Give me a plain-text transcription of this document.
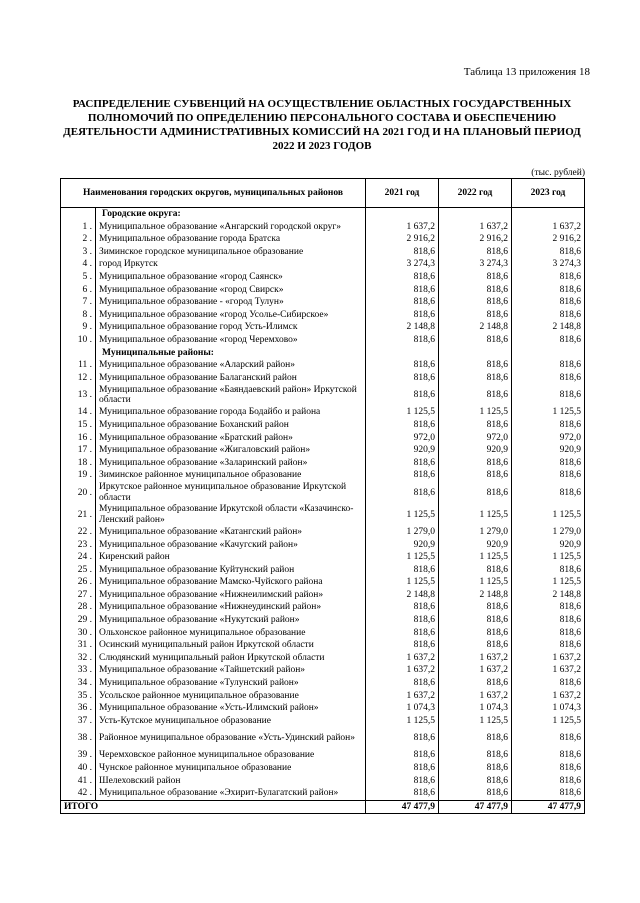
Таблица 13 приложения 18
РАСПРЕДЕЛЕНИЕ СУБВЕНЦИЙ НА ОСУЩЕСТВЛЕНИЕ ОБЛАСТНЫХ ГОСУДАРСТВЕННЫХ ПОЛНОМОЧИЙ ПО ОПРЕДЕЛЕНИЮ ПЕРСОНАЛЬНОГО СОСТАВА И ОБЕСПЕЧЕНИЮ ДЕЯТЕЛЬНОСТИ АДМИНИСТРАТИВНЫХ КОМИССИЙ НА 2021 ГОД И НА ПЛАНОВЫЙ ПЕРИОД 2022 И 2023 ГОДОВ
(тыс. рублей)
Наименования городских округов, муниципальных районов		2021 год	2022 год	2023 год
	Городские округа:			
1 .	Муниципальное образование «Ангарский городской округ»	1 637,2	1 637,2	1 637,2
2 .	Муниципальное образование города Братска	2 916,2	2 916,2	2 916,2
3 .	Зиминское городское муниципальное образование	818,6	818,6	818,6
4 .	город Иркутск	3 274,3	3 274,3	3 274,3
5 .	Муниципальное образование «город Саянск»	818,6	818,6	818,6
6 .	Муниципальное образование «город Свирск»	818,6	818,6	818,6
7 .	Муниципальное образование - «город Тулун»	818,6	818,6	818,6
8 .	Муниципальное образование «город Усолье-Сибирское»	818,6	818,6	818,6
9 .	Муниципальное образование город Усть-Илимск	2 148,8	2 148,8	2 148,8
10 .	Муниципальное образование «город Черемхово»	818,6	818,6	818,6
	Муниципальные районы:			
11 .	Муниципальное образование «Аларский район»	818,6	818,6	818,6
12 .	Муниципальное образование Балаганский район	818,6	818,6	818,6
13 .	Муниципальное образование «Баяндаевский район» Иркутской области	818,6	818,6	818,6
14 .	Муниципальное образование города Бодайбо и района	1 125,5	1 125,5	1 125,5
15 .	Муниципальное образование Боханский район	818,6	818,6	818,6
16 .	Муниципальное образование «Братский район»	972,0	972,0	972,0
17 .	Муниципальное образование «Жигаловский район»	920,9	920,9	920,9
18 .	Муниципальное образование «Заларинский район»	818,6	818,6	818,6
19 .	Зиминское районное муниципальное образование	818,6	818,6	818,6
20 .	Иркутское районное муниципальное образование Иркутской области	818,6	818,6	818,6
21 .	Муниципальное образование Иркутской области «Казачинско-Ленский район»	1 125,5	1 125,5	1 125,5
22 .	Муниципальное образование «Катангский район»	1 279,0	1 279,0	1 279,0
23 .	Муниципальное образование «Качугский район»	920,9	920,9	920,9
24 .	Киренский район	1 125,5	1 125,5	1 125,5
25 .	Муниципальное образование Куйтунский район	818,6	818,6	818,6
26 .	Муниципальное образование Мамско-Чуйского района	1 125,5	1 125,5	1 125,5
27 .	Муниципальное образование «Нижнеилимский район»	2 148,8	2 148,8	2 148,8
28 .	Муниципальное образование «Нижнеудинский район»	818,6	818,6	818,6
29 .	Муниципальное образование «Нукутский район»	818,6	818,6	818,6
30 .	Ольхонское районное муниципальное образование	818,6	818,6	818,6
31 .	Осинский муниципальный район Иркутской области	818,6	818,6	818,6
32 .	Слюдянский муниципальный район Иркутской области	1 637,2	1 637,2	1 637,2
33 .	Муниципальное образование «Тайшетский район»	1 637,2	1 637,2	1 637,2
34 .	Муниципальное образование «Тулунский район»	818,6	818,6	818,6
35 .	Усольское районное муниципальное образование	1 637,2	1 637,2	1 637,2
36 .	Муниципальное образование «Усть-Илимский район»	1 074,3	1 074,3	1 074,3
37 .	Усть-Кутское муниципальное образование	1 125,5	1 125,5	1 125,5
38 .	Районное муниципальное образование «Усть-Удинский район»	818,6	818,6	818,6
39 .	Черемховское районное муниципальное образование	818,6	818,6	818,6
40 .	Чунское районное муниципальное образование	818,6	818,6	818,6
41 .	Шелеховский район	818,6	818,6	818,6
42 .	Муниципальное образование «Эхирит-Булагатский район»	818,6	818,6	818,6
ИТОГО		47 477,9	47 477,9	47 477,9
